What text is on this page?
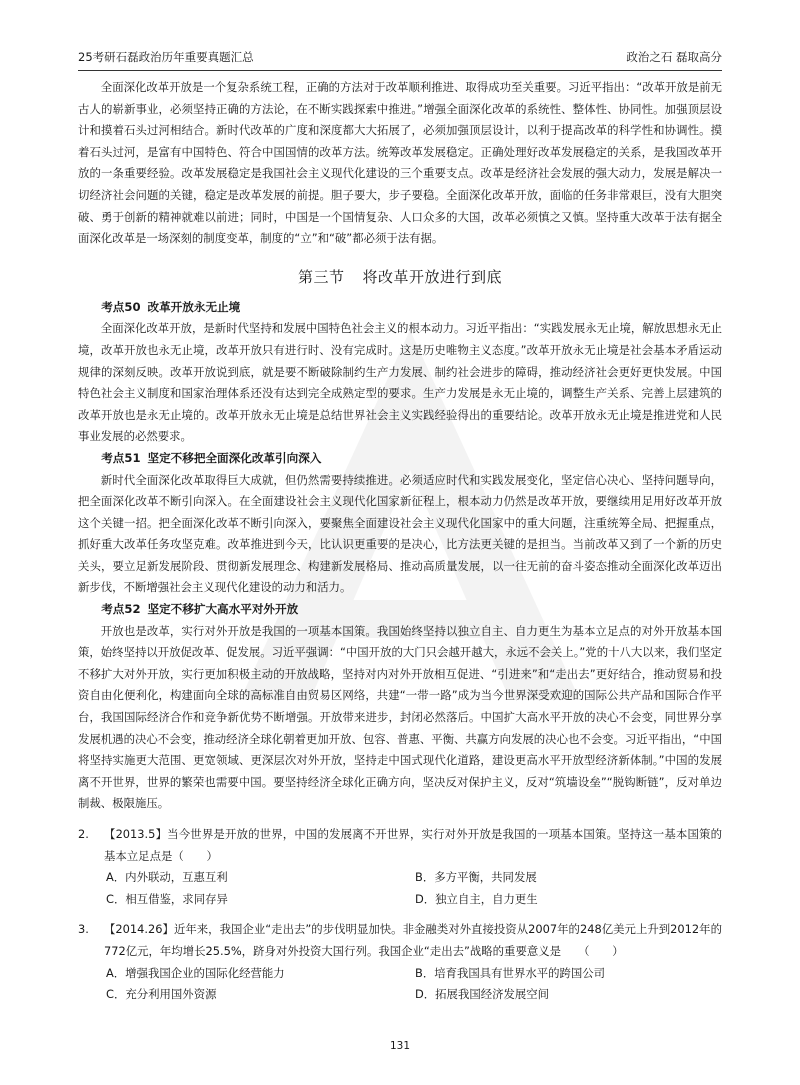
25考研石磊政治历年重要真题汇总	政治之石 磊取高分

全面深化改革开放是一个复杂系统工程，正确的方法对于改革顺利推进、取得成功至关重要。习近平指出：“改革开放是前无古人的崭新事业，必须坚持正确的方法论，在不断实践探索中推进。”增强全面深化改革的系统性、整体性、协同性。加强顶层设计和摸着石头过河相结合。新时代改革的广度和深度都大大拓展了，必须加强顶层设计，以利于提高改革的科学性和协调性。摸着石头过河，是富有中国特色、符合中国国情的改革方法。统筹改革发展稳定。正确处理好改革发展稳定的关系，是我国改革开放的一条重要经验。改革发展稳定是我国社会主义现代化建设的三个重要支点。改革是经济社会发展的强大动力，发展是解决一切经济社会问题的关键，稳定是改革发展的前提。胆子要大，步子要稳。全面深化改革开放，面临的任务非常艰巨，没有大胆突破、勇于创新的精神就难以前进；同时，中国是一个国情复杂、人口众多的大国，改革必须慎之又慎。坚持重大改革于法有据全面深化改革是一场深刻的制度变革，制度的“立”和“破”都必须于法有据。

第三节 将改革开放进行到底
考点50 改革开放永无止境

全面深化改革开放，是新时代坚持和发展中国特色社会主义的根本动力。习近平指出：“实践发展永无止境，解放思想永无止境，改革开放也永无止境，改革开放只有进行时、没有完成时。这是历史唯物主义态度。”改革开放永无止境是社会基本矛盾运动规律的深刻反映。改革开放说到底，就是要不断破除制约生产力发展、制约社会进步的障碍，推动经济社会更好更快发展。中国特色社会主义制度和国家治理体系还没有达到完全成熟定型的要求。生产力发展是永无止境的，调整生产关系、完善上层建筑的改革开放也是永无止境的。改革开放永无止境是总结世界社会主义实践经验得出的重要结论。改革开放永无止境是推进党和人民事业发展的必然要求。

考点51 坚定不移把全面深化改革引向深入

新时代全面深化改革取得巨大成就，但仍然需要持续推进。必须适应时代和实践发展变化，坚定信心决心、坚持问题导向，把全面深化改革不断引向深入。在全面建设社会主义现代化国家新征程上，根本动力仍然是改革开放，要继续用足用好改革开放这个关键一招。把全面深化改革不断引向深入，要聚焦全面建设社会主义现代化国家中的重大问题，注重统筹全局、把握重点，抓好重大改革任务攻坚克难。改革推进到今天，比认识更重要的是决心，比方法更关键的是担当。当前改革又到了一个新的历史关头，要立足新发展阶段、贯彻新发展理念、构建新发展格局、推动高质量发展，以一往无前的奋斗姿态推动全面深化改革迈出新步伐，不断增强社会主义现代化建设的动力和活力。

考点52 坚定不移扩大高水平对外开放

开放也是改革，实行对外开放是我国的一项基本国策。我国始终坚持以独立自主、自力更生为基本立足点的对外开放基本国策，始终坚持以开放促改革、促发展。习近平强调：“中国开放的大门只会越开越大，永远不会关上。”党的十八大以来，我们坚定不移扩大对外开放，实行更加积极主动的开放战略，坚持对内对外开放相互促进、“引进来”和“走出去”更好结合，推动贸易和投资自由化便利化，构建面向全球的高标准自由贸易区网络，共建“一带一路”成为当今世界深受欢迎的国际公共产品和国际合作平台，我国国际经济合作和竞争新优势不断增强。开放带来进步，封闭必然落后。中国扩大高水平开放的决心不会变，同世界分享发展机遇的决心不会变，推动经济全球化朝着更加开放、包容、普惠、平衡、共赢方向发展的决心也不会变。习近平指出，“中国将坚持实施更大范围、更宽领域、更深层次对外开放，坚持走中国式现代化道路，建设更高水平开放型经济新体制。”中国的发展离不开世界，世界的繁荣也需要中国。要坚持经济全球化正确方向，坚决反对保护主义，反对“筑墙设垒”“脱钩断链”，反对单边制裁、极限施压。

2.	【2013.5】当今世界是开放的世界，中国的发展离不开世界，实行对外开放是我国的一项基本国策。坚持这一基本国策的基本立足点是（　　）
A．内外联动，互惠互利	B．多方平衡，共同发展
C．相互借鉴，求同存异	D．独立自主，自力更生
3.	【2014.26】近年来，我国企业“走出去”的步伐明显加快。非金融类对外直接投资从2007年的248亿美元上升到2012年的772亿元，年均增长25.5%，跻身对外投资大国行列。我国企业“走出去”战略的重要意义是　　（　　）
A．增强我国企业的国际化经营能力	B．培育我国具有世界水平的跨国公司
C．充分利用国外资源	D．拓展我国经济发展空间
131
